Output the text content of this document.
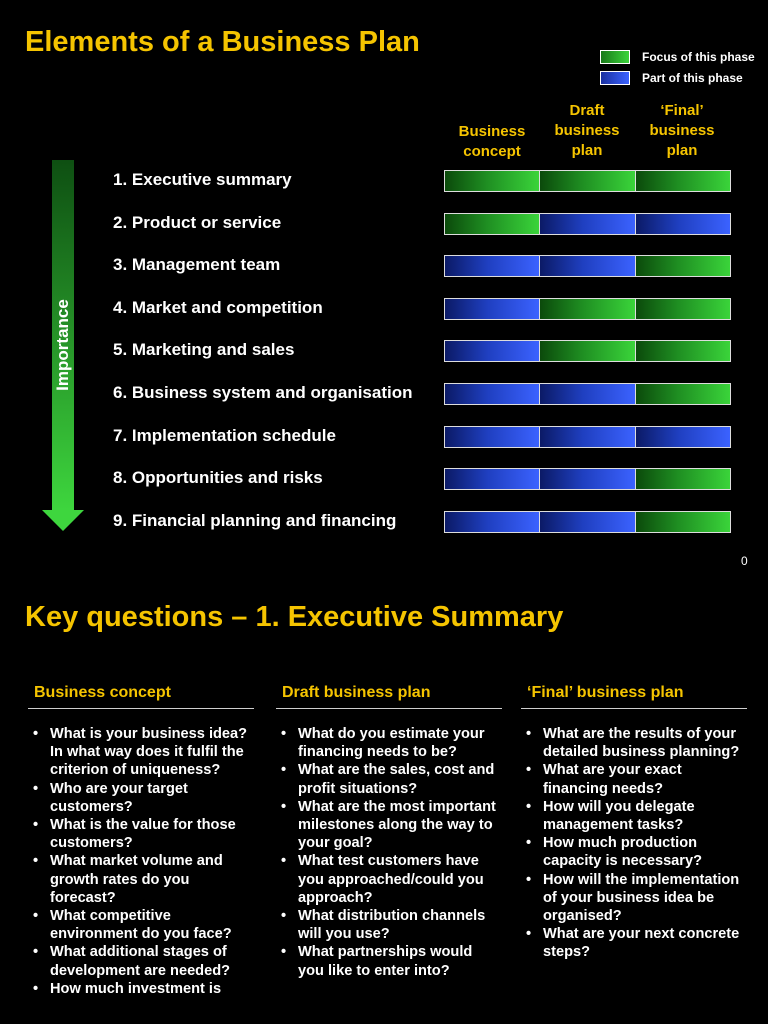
Elements of a Business Plan	Focus of this phase
Part of this phase
Business concept
Draft business plan
‘Final’ business plan
Importance
1. Executive summary
2. Product or service
3. Management team
4. Market and competition
5. Marketing and sales
6. Business system and organisation
7. Implementation schedule
8. Opportunities and risks
9. Financial planning and financing
0
Key questions – 1. Executive Summary
Business concept
• What is your business idea? In what way does it fulfil the criterion of uniqueness?
• Who are your target customers?
• What is the value for those customers?
• What market volume and growth rates do you forecast?
• What competitive environment do you face?
• What additional stages of development are needed?
• How much investment is
Draft business plan
• What do you estimate your financing needs to be?
• What are the sales, cost and profit situations?
• What are the most important milestones along the way to your goal?
• What test customers have you approached/could you approach?
• What distribution channels will you use?
• What partnerships would you like to enter into?
‘Final’ business plan
• What are the results of your detailed business planning?
• What are your exact financing needs?
• How will you delegate management tasks?
• How much production capacity is necessary?
• How will the implementation of your business idea be organised?
• What are your next concrete steps?
